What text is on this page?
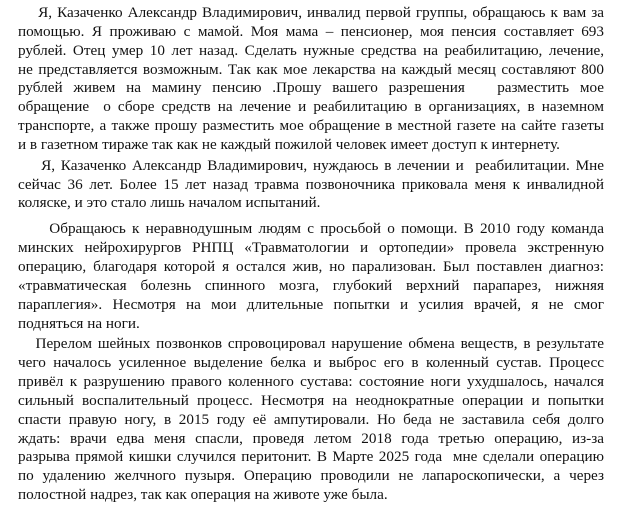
Я, Казаченко Александр Владимирович, инвалид первой группы, обращаюсь к вам за
помощью. Я проживаю с мамой. Моя мама – пенсионер, моя пенсия составляет 693
рублей. Отец умер 10 лет назад. Сделать нужные средства на реабилитацию, лечение,
не представляется возможным. Так как мое лекарства на каждый месяц составляют 800
рублей живем на мамину пенсию .Прошу вашего разрешения   разместить мое
обращение  о сборе средств на лечение и реабилитацию в организациях, в наземном
транспорте, а также прошу разместить мое обращение в местной газете на сайте газеты
и в газетном тираже так как не каждый пожилой человек имеет доступ к интернету.
Я, Казаченко Александр Владимирович, нуждаюсь в лечении и  реабилитации. Мне
сейчас 36 лет. Более 15 лет назад травма позвоночника приковала меня к инвалидной
коляске, и это стало лишь началом испытаний.
Обращаюсь к неравнодушным людям с просьбой о помощи. В 2010 году команда
минских нейрохирургов РНПЦ «Травматологии и ортопедии» провела экстренную
операцию, благодаря которой я остался жив, но парализован. Был поставлен диагноз:
«травматическая болезнь спинного мозга, глубокий верхний парапарез, нижняя
параплегия». Несмотря на мои длительные попытки и усилия врачей, я не смог
подняться на ноги.
Перелом шейных позвонков спровоцировал нарушение обмена веществ, в результате
чего началось усиленное выделение белка и выброс его в коленный сустав. Процесс
привёл к разрушению правого коленного сустава: состояние ноги ухудшалось, начался
сильный воспалительный процесс. Несмотря на неоднократные операции и попытки
спасти правую ногу, в 2015 году её ампутировали. Но беда не заставила себя долго
ждать: врачи едва меня спасли, проведя летом 2018 года третью операцию, из-за
разрыва прямой кишки случился перитонит. В Марте 2025 года  мне сделали операцию
по удалению желчного пузыря. Операцию проводили не лапароскопически, а через
полостной надрез, так как операция на животе уже была.
